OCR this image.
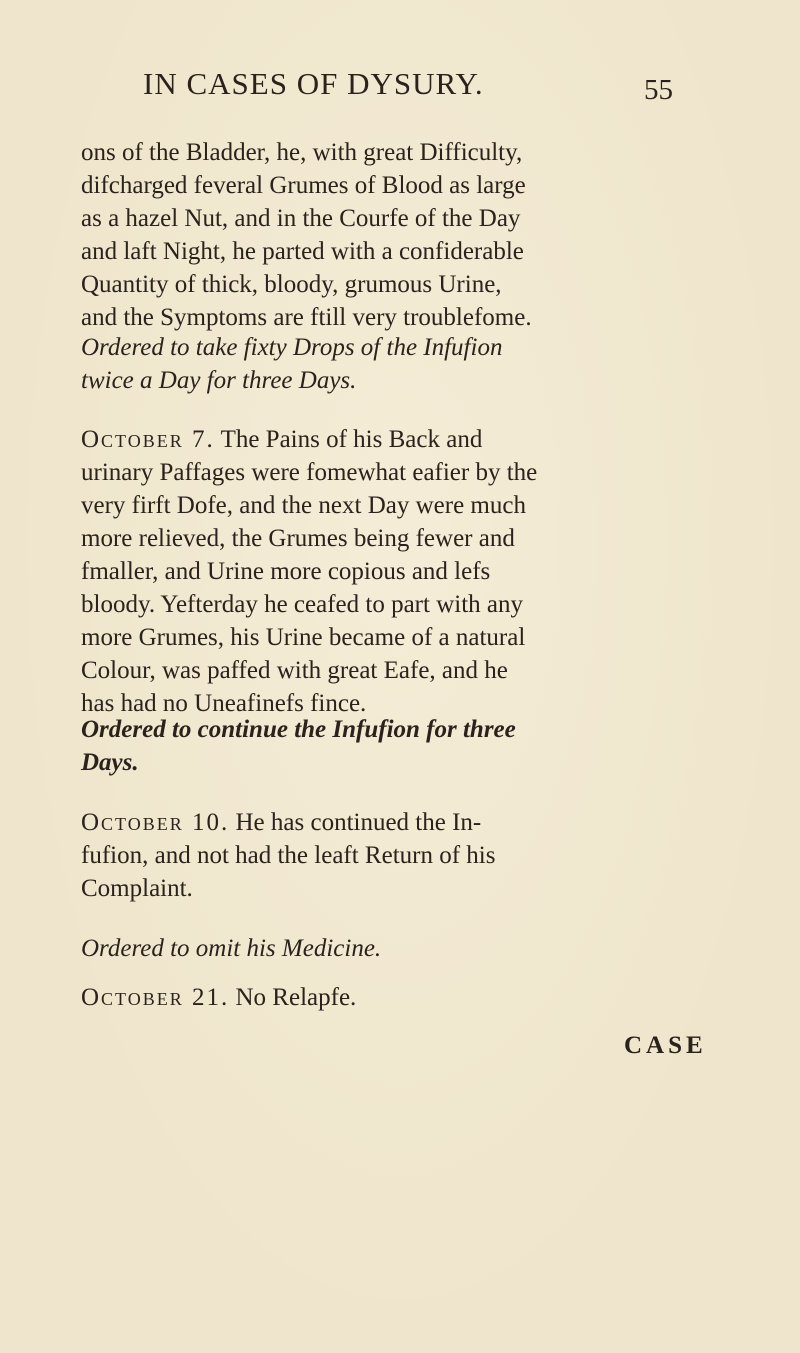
IN CASES OF DYSURY.	55

ons of the Bladder, he, with great Difficulty,
difcharged feveral Grumes of Blood as large
as a hazel Nut, and in the Courfe of the Day
and laft Night, he parted with a confiderable
Quantity of thick, bloody, grumous Urine,
and the Symptoms are ftill very troublefome.

Ordered to take fixty Drops of the Infufion
twice a Day for three Days.

October 7. The Pains of his Back and
urinary Paffages were fomewhat eafier by the
very firft Dofe, and the next Day were much
more relieved, the Grumes being fewer and
fmaller, and Urine more copious and lefs
bloody. Yefterday he ceafed to part with any
more Grumes, his Urine became of a natural
Colour, was paffed with great Eafe, and he
has had no Uneafinefs fince.

Ordered to continue the Infufion for three
Days.

October 10. He has continued the In-
fufion, and not had the leaft Return of his
Complaint.

Ordered to omit his Medicine.

October 21. No Relapfe.

CASE
